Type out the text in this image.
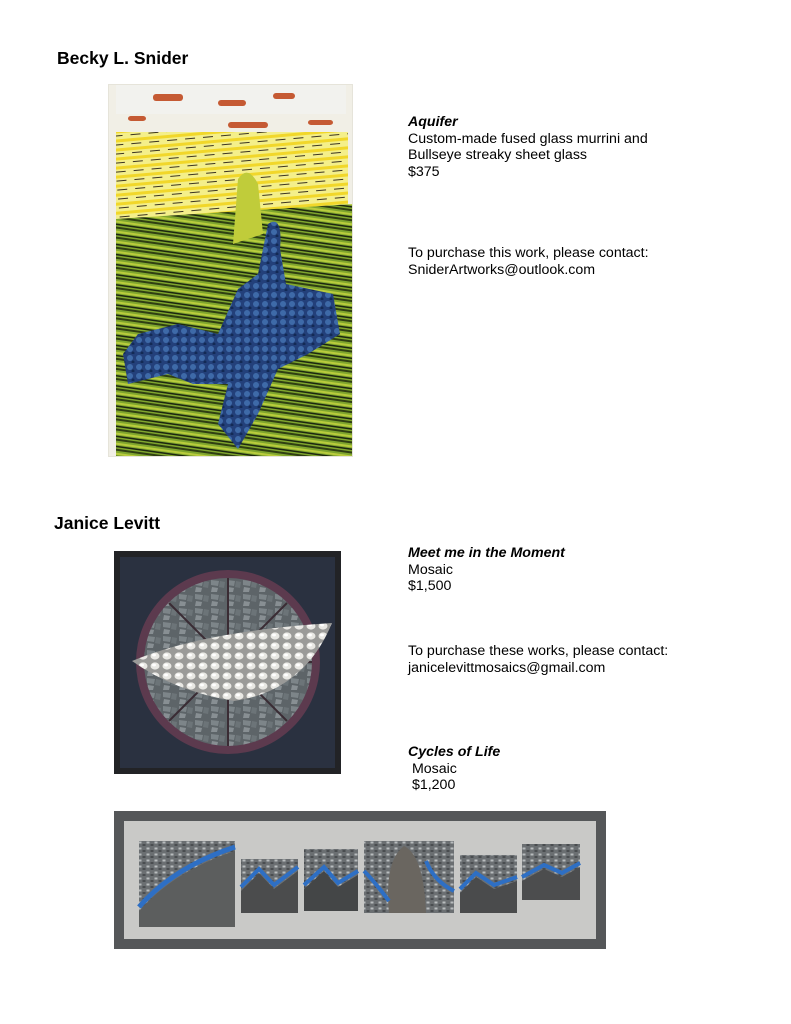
Becky L. Snider
Aquifer
Custom-made fused glass murrini and
Bullseye streaky sheet glass
$375
To purchase this work, please contact:
SniderArtworks@outlook.com
Janice Levitt
Meet me in the Moment
Mosaic
$1,500
To purchase these works, please contact:
janicelevittmosaics@gmail.com
Cycles of Life
Mosaic
$1,200
